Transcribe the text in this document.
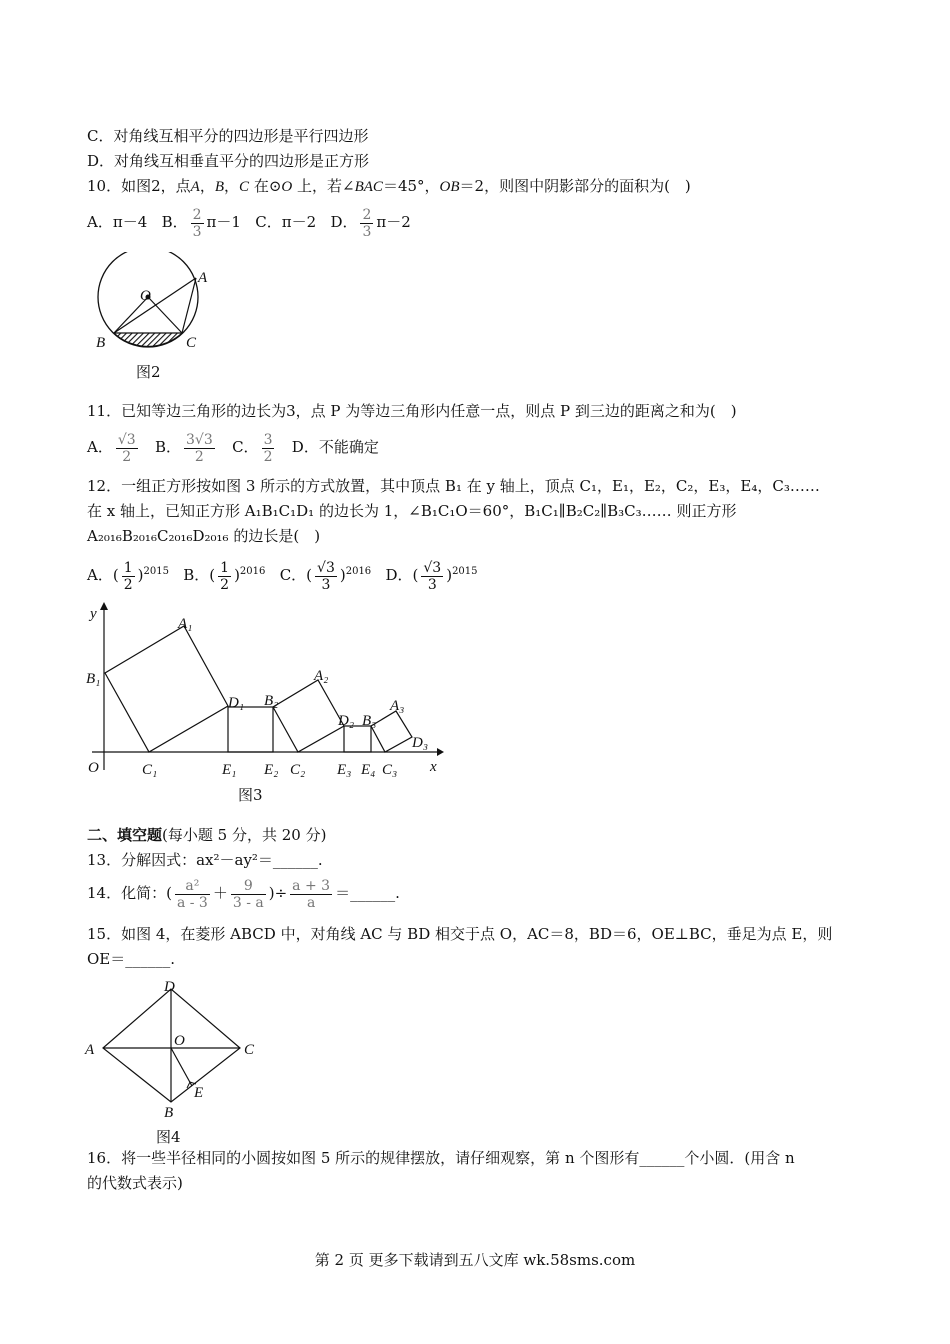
C．对角线互相平分的四边形是平行四边形
D．对角线互相垂直平分的四边形是正方形
10．如图2，点A，B，C 在⊙O 上，若∠BAC＝45°，OB＝2，则图中阴影部分的面积为(　)
A．π－4 B． $\frac{2}{3} \pi-1$ C．π－2 D． $\frac{2}{3} \pi-2$
O
A
B	C
图2
11．已知等边三角形的边长为3，点 P 为等边三角形内任意一点，则点 P 到三边的距离之和为(　)
A． $\frac{√3}{2}$ B． $\frac{3√3}{2}$ C． $\frac{3}{2}$ D．不能确定
12．一组正方形按如图 3 所示的方式放置，其中顶点 B₁ 在 y 轴上，顶点 C₁，E₁，E₂，C₂，E₃，E₄，C₃……
在 x 轴上，已知正方形 A₁B₁C₁D₁ 的边长为 1，∠B₁C₁O＝60°，B₁C₁∥B₂C₂∥B₃C₃…… 则正方形
A₂₀₁₆B₂₀₁₆C₂₀₁₆D₂₀₁₆ 的边长是(　)
A．( $\frac{1}{2} )^{2015}$ B．( $\frac{1}{2} )^{2016}$ C．( $\frac{√3}{3} )^{2016}$ D．( $\frac{√3}{3} )^{2015}$
y
x
O
A₁
B₁
C₁
D₁
E₁ E₂
B₂
A₂
C₂
D₂
E₃
B₃
E₄
A₃
C₃
D₃
图3
二、填空题(每小题 5 分，共 20 分)
13．分解因式：ax²－ay²＝______.
14．化简：( $\frac{\text{a²}}{a - 3} + \frac{9}{3 - a}$ )÷ $\frac{a + 3}{a}$ ＝______.
15．如图 4，在菱形 ABCD 中，对角线 AC 与 BD 相交于点 O，AC＝8，BD＝6，OE⊥BC，垂足为点 E，则
OE＝______.
D
A	C
O
E
B
图4
16．将一些半径相同的小圆按如图 5 所示的规律摆放，请仔细观察，第 n 个图形有______个小圆．(用含 n
的代数式表示)
第 2 页 更多下载请到五八文库 wk.58sms.com
